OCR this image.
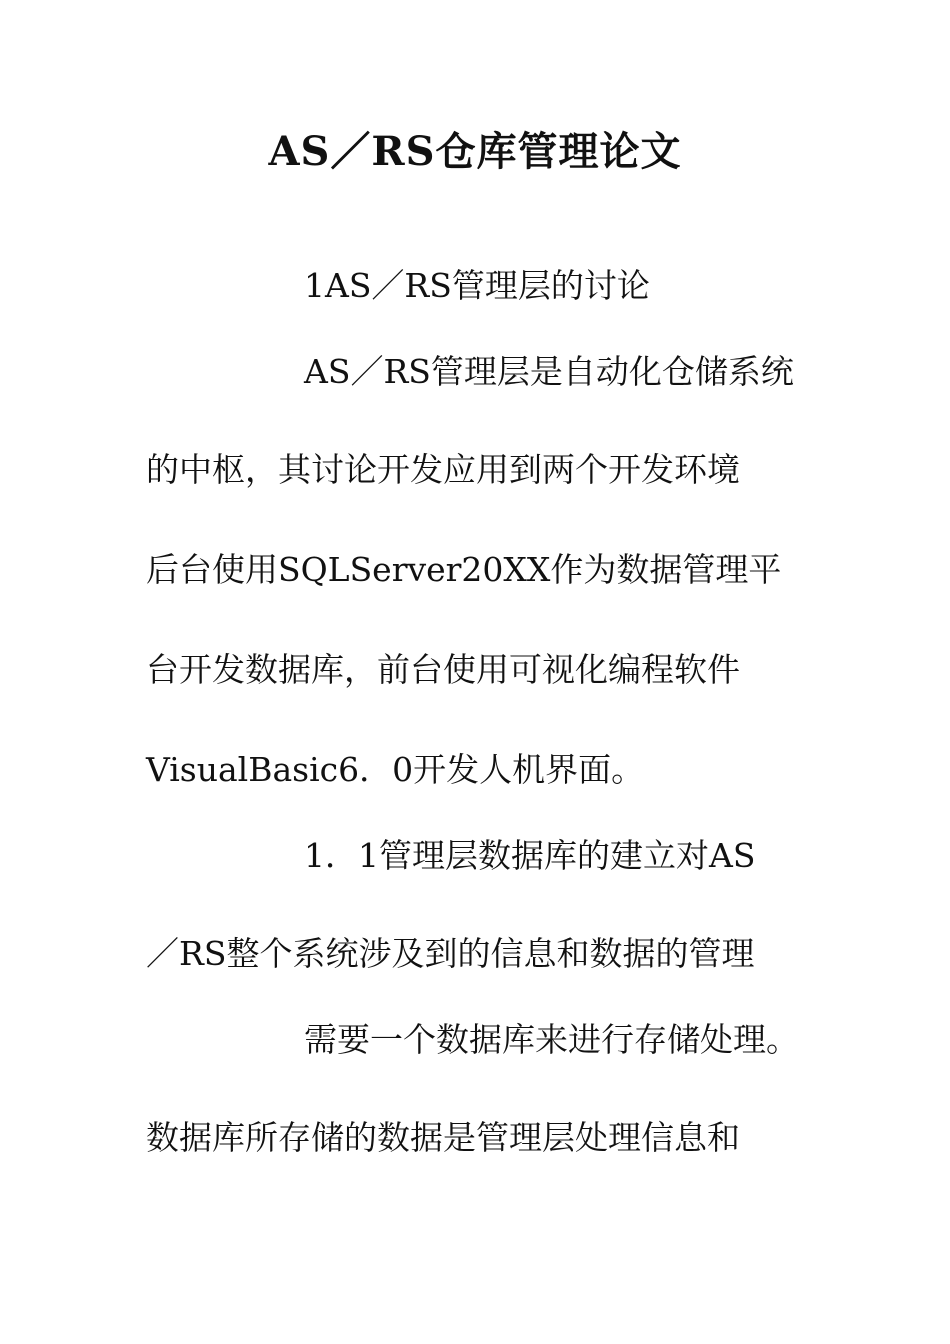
AS／RS仓库管理论文
1AS／RS管理层的讨论
AS／RS管理层是自动化仓储系统
的中枢，其讨论开发应用到两个开发环境
后台使用SQLServer20XX作为数据管理平
台开发数据库，前台使用可视化编程软件
VisualBasic6．0开发人机界面。
1．1管理层数据库的建立对AS
／RS整个系统涉及到的信息和数据的管理
需要一个数据库来进行存储处理。
数据库所存储的数据是管理层处理信息和
